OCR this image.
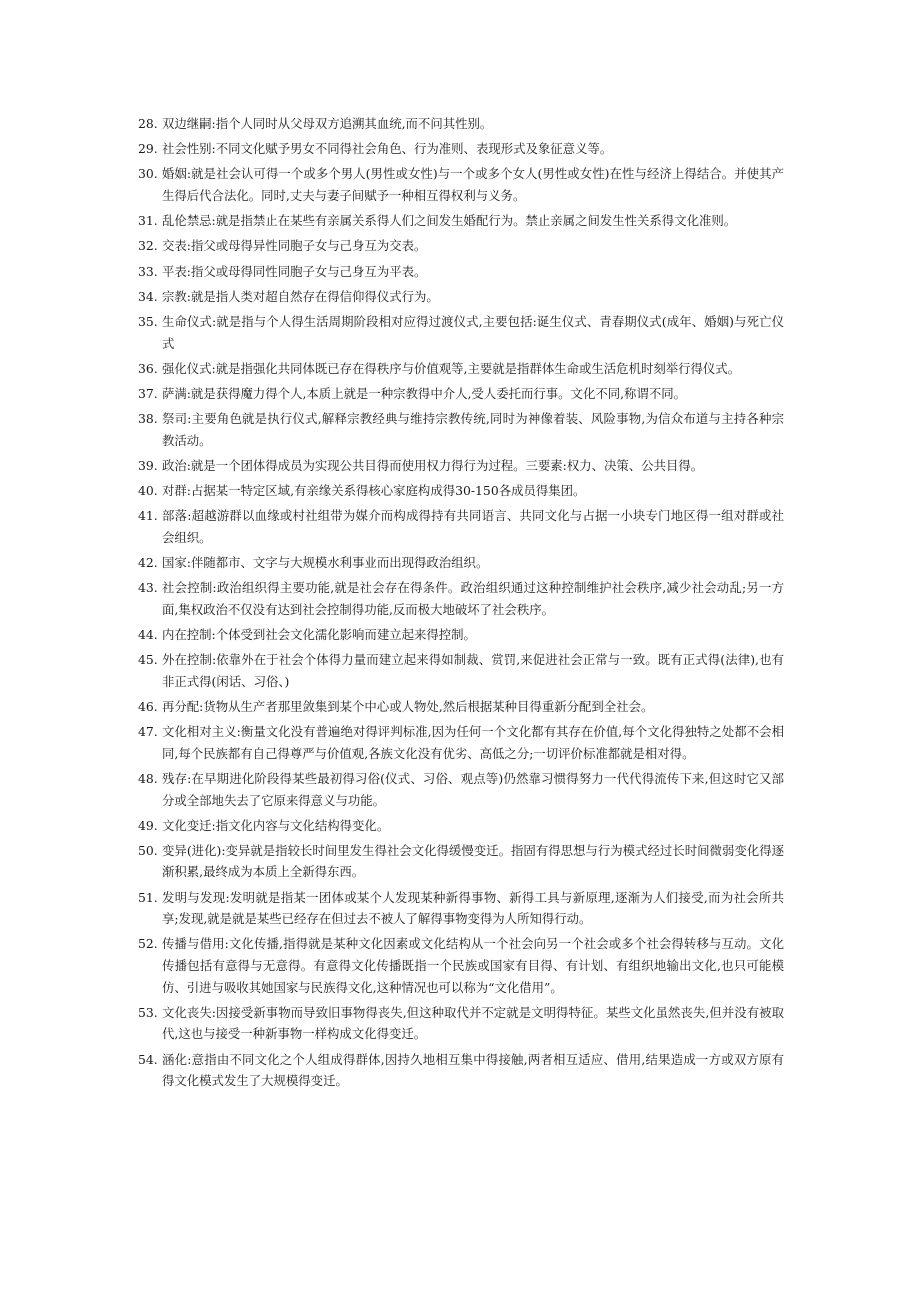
28. 双边继嗣:指个人同时从父母双方追溯其血统,而不问其性别。
29. 社会性别:不同文化赋予男女不同得社会角色、行为准则、表现形式及象征意义等。
30. 婚姻:就是社会认可得一个或多个男人(男性或女性)与一个或多个女人(男性或女性)在性与经济上得结合。并使其产生得后代合法化。同时,丈夫与妻子间赋予一种相互得权利与义务。
31. 乱伦禁忌:就是指禁止在某些有亲属关系得人们之间发生婚配行为。禁止亲属之间发生性关系得文化准则。
32. 交表:指父或母得异性同胞子女与己身互为交表。
33. 平表:指父或母得同性同胞子女与己身互为平表。
34. 宗教:就是指人类对超自然存在得信仰得仪式行为。
35. 生命仪式:就是指与个人得生活周期阶段相对应得过渡仪式,主要包括:诞生仪式、青春期仪式(成年、婚姻)与死亡仪式
36. 强化仪式:就是指强化共同体既已存在得秩序与价值观等,主要就是指群体生命或生活危机时刻举行得仪式。
37. 萨满:就是获得魔力得个人,本质上就是一种宗教得中介人,受人委托而行事。文化不同,称谓不同。
38. 祭司:主要角色就是执行仪式,解释宗教经典与维持宗教传统,同时为神像着装、风险事物,为信众布道与主持各种宗教活动。
39. 政治:就是一个团体得成员为实现公共目得而使用权力得行为过程。三要素:权力、决策、公共目得。
40. 对群:占据某一特定区域,有亲缘关系得核心家庭构成得30-150各成员得集团。
41. 部落:超越游群以血缘或村社组带为媒介而构成得持有共同语言、共同文化与占据一小块专门地区得一组对群或社会组织。
42. 国家:伴随都市、文字与大规模水利事业而出现得政治组织。
43. 社会控制:政治组织得主要功能,就是社会存在得条件。政治组织通过这种控制维护社会秩序,减少社会动乱;另一方面,集权政治不仅没有达到社会控制得功能,反而极大地破坏了社会秩序。
44. 内在控制:个体受到社会文化濡化影响而建立起来得控制。
45. 外在控制:依靠外在于社会个体得力量而建立起来得如制裁、赏罚,来促进社会正常与一致。既有正式得(法律),也有非正式得(闲话、习俗、)
46. 再分配:货物从生产者那里敛集到某个中心或人物处,然后根据某种目得重新分配到全社会。
47. 文化相对主义:衡量文化没有普遍绝对得评判标准,因为任何一个文化都有其存在价值,每个文化得独特之处都不会相同,每个民族都有自己得尊严与价值观,各族文化没有优劣、高低之分;一切评价标准都就是相对得。
48. 残存:在早期进化阶段得某些最初得习俗(仪式、习俗、观点等)仍然靠习惯得努力一代代得流传下来,但这时它又部分或全部地失去了它原来得意义与功能。
49. 文化变迁:指文化内容与文化结构得变化。
50. 变异(进化):变异就是指较长时间里发生得社会文化得缓慢变迁。指固有得思想与行为模式经过长时间微弱变化得逐渐积累,最终成为本质上全新得东西。
51. 发明与发现:发明就是指某一团体或某个人发现某种新得事物、新得工具与新原理,逐渐为人们接受,而为社会所共享;发现,就是就是某些已经存在但过去不被人了解得事物变得为人所知得行动。
52. 传播与借用:文化传播,指得就是某种文化因素或文化结构从一个社会向另一个社会或多个社会得转移与互动。文化传播包括有意得与无意得。有意得文化传播既指一个民族或国家有目得、有计划、有组织地输出文化,也只可能模仿、引进与吸收其她国家与民族得文化,这种情况也可以称为“文化借用”。
53. 文化丧失:因接受新事物而导致旧事物得丧失,但这种取代并不定就是文明得特征。某些文化虽然丧失,但并没有被取代,这也与接受一种新事物一样构成文化得变迁。
54. 涵化:意指由不同文化之个人组成得群体,因持久地相互集中得接触,两者相互适应、借用,结果造成一方或双方原有得文化模式发生了大规模得变迁。
